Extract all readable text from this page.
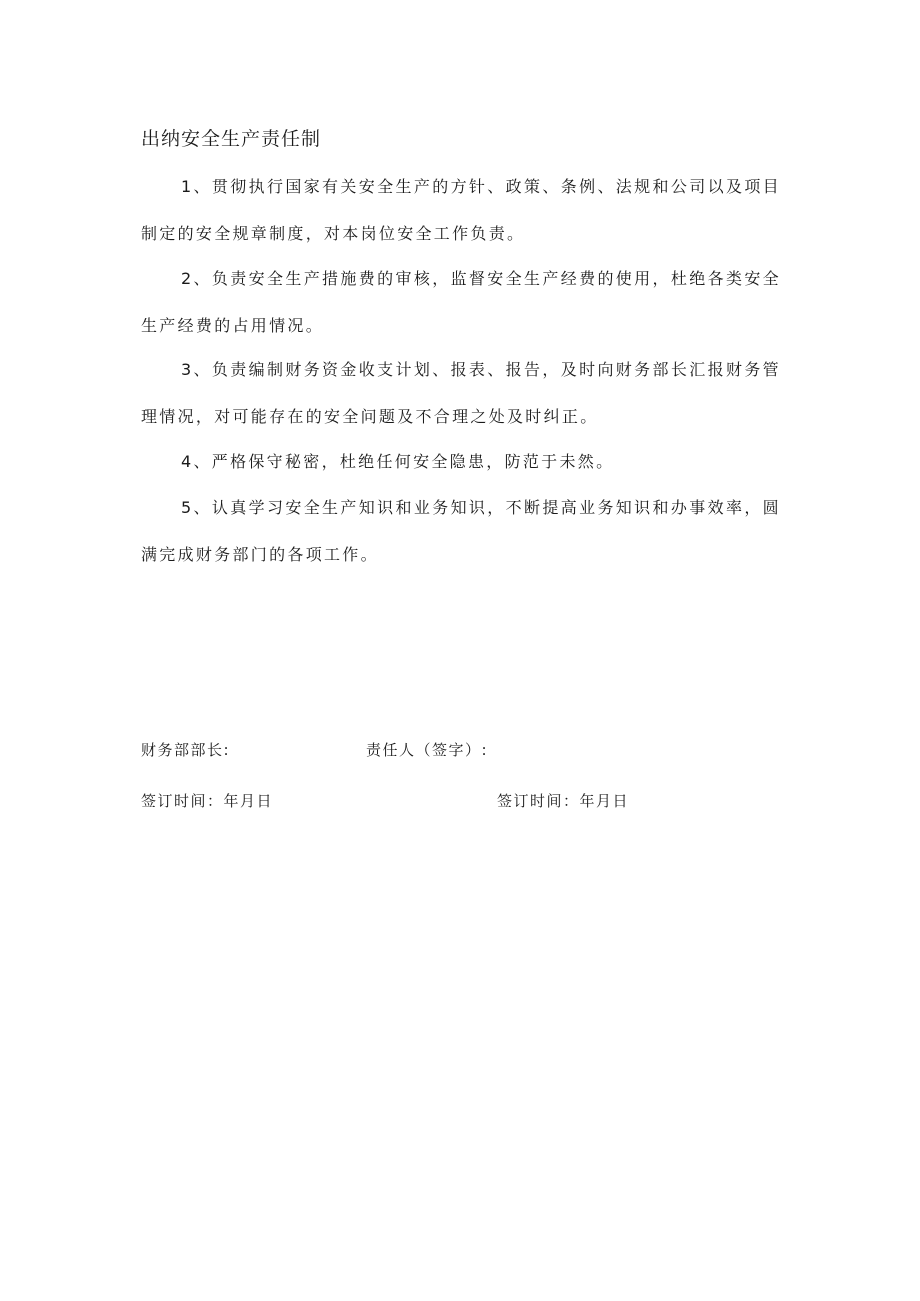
出纳安全生产责任制
1、贯彻执行国家有关安全生产的方针、政策、条例、法规和公司以及项目制定的安全规章制度，对本岗位安全工作负责。
2、负责安全生产措施费的审核，监督安全生产经费的使用，杜绝各类安全生产经费的占用情况。
3、负责编制财务资金收支计划、报表、报告，及时向财务部长汇报财务管理情况，对可能存在的安全问题及不合理之处及时纠正。
4、严格保守秘密，杜绝任何安全隐患，防范于未然。
5、认真学习安全生产知识和业务知识，不断提高业务知识和办事效率，圆满完成财务部门的各项工作。
财务部部长:	责任人（签字）:
签订时间：年月日	签订时间：年月日
